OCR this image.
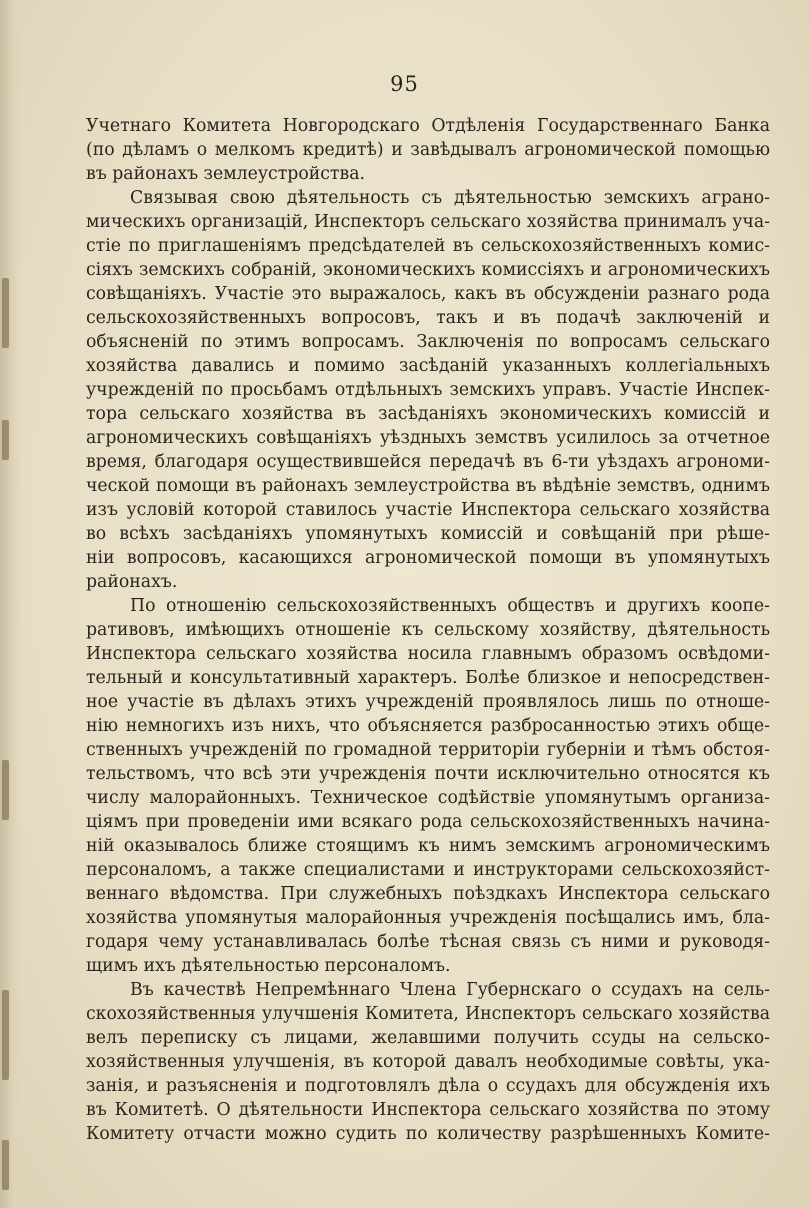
95
Учетнаго Комитета Новгородскаго Отдѣленія Государственнаго Банка
(по дѣламъ о мелкомъ кредитѣ) и завѣдывалъ агрономической помощью
въ районахъ землеустройства.
Связывая свою дѣятельность съ дѣятельностью земскихъ аграно-
мическихъ организацій, Инспекторъ сельскаго хозяйства принималъ уча-
стіе по приглашеніямъ предсѣдателей въ сельскохозяйственныхъ комис-
сіяхъ земскихъ собраній, экономическихъ комиссіяхъ и агрономическихъ
совѣщаніяхъ. Участіе это выражалось, какъ въ обсужденіи разнаго рода
сельскохозяйственныхъ вопросовъ, такъ и въ подачѣ заключеній и
объясненій по этимъ вопросамъ. Заключенія по вопросамъ сельскаго
хозяйства давались и помимо засѣданій указанныхъ коллегіальныхъ
учрежденій по просьбамъ отдѣльныхъ земскихъ управъ. Участіе Инспек-
тора сельскаго хозяйства въ засѣданіяхъ экономическихъ комиссій и
агрономическихъ совѣщаніяхъ уѣздныхъ земствъ усилилось за отчетное
время, благодаря осуществившейся передачѣ въ 6-ти уѣздахъ агрономи-
ческой помощи въ районахъ землеустройства въ вѣдѣніе земствъ, однимъ
изъ условій которой ставилось участіе Инспектора сельскаго хозяйства
во всѣхъ засѣданіяхъ упомянутыхъ комиссій и совѣщаній при рѣше-
ніи вопросовъ, касающихся агрономической помощи въ упомянутыхъ
районахъ.
По отношенію сельскохозяйственныхъ обществъ и другихъ коопе-
ративовъ, имѣющихъ отношеніе къ сельскому хозяйству, дѣятельность
Инспектора сельскаго хозяйства носила главнымъ образомъ освѣдоми-
тельный и консультативный характеръ. Болѣе близкое и непосредствен-
ное участіе въ дѣлахъ этихъ учрежденій проявлялось лишь по отноше-
нію немногихъ изъ нихъ, что объясняется разбросанностью этихъ обще-
ственныхъ учрежденій по громадной территоріи губерніи и тѣмъ обстоя-
тельствомъ, что всѣ эти учрежденія почти исключительно относятся къ
числу малорайонныхъ. Техническое содѣйствіе упомянутымъ организа-
ціямъ при проведеніи ими всякаго рода сельскохозяйственныхъ начина-
ній оказывалось ближе стоящимъ къ нимъ земскимъ агрономическимъ
персоналомъ, а также специалистами и инструкторами сельскохозяйст-
веннаго вѣдомства. При служебныхъ поѣздкахъ Инспектора сельскаго
хозяйства упомянутыя малорайонныя учрежденія посѣщались имъ, бла-
годаря чему устанавливалась болѣе тѣсная связь съ ними и руководя-
щимъ ихъ дѣятельностью персоналомъ.
Въ качествѣ Непремѣннаго Члена Губернскаго о ссудахъ на сель-
скохозяйственныя улучшенія Комитета, Инспекторъ сельскаго хозяйства
велъ переписку съ лицами, желавшими получить ссуды на сельско-
хозяйственныя улучшенія, въ которой давалъ необходимые совѣты, ука-
занія, и разъясненія и подготовлялъ дѣла о ссудахъ для обсужденія ихъ
въ Комитетѣ. О дѣятельности Инспектора сельскаго хозяйства по этому
Комитету отчасти можно судить по количеству разрѣшенныхъ Комите-
